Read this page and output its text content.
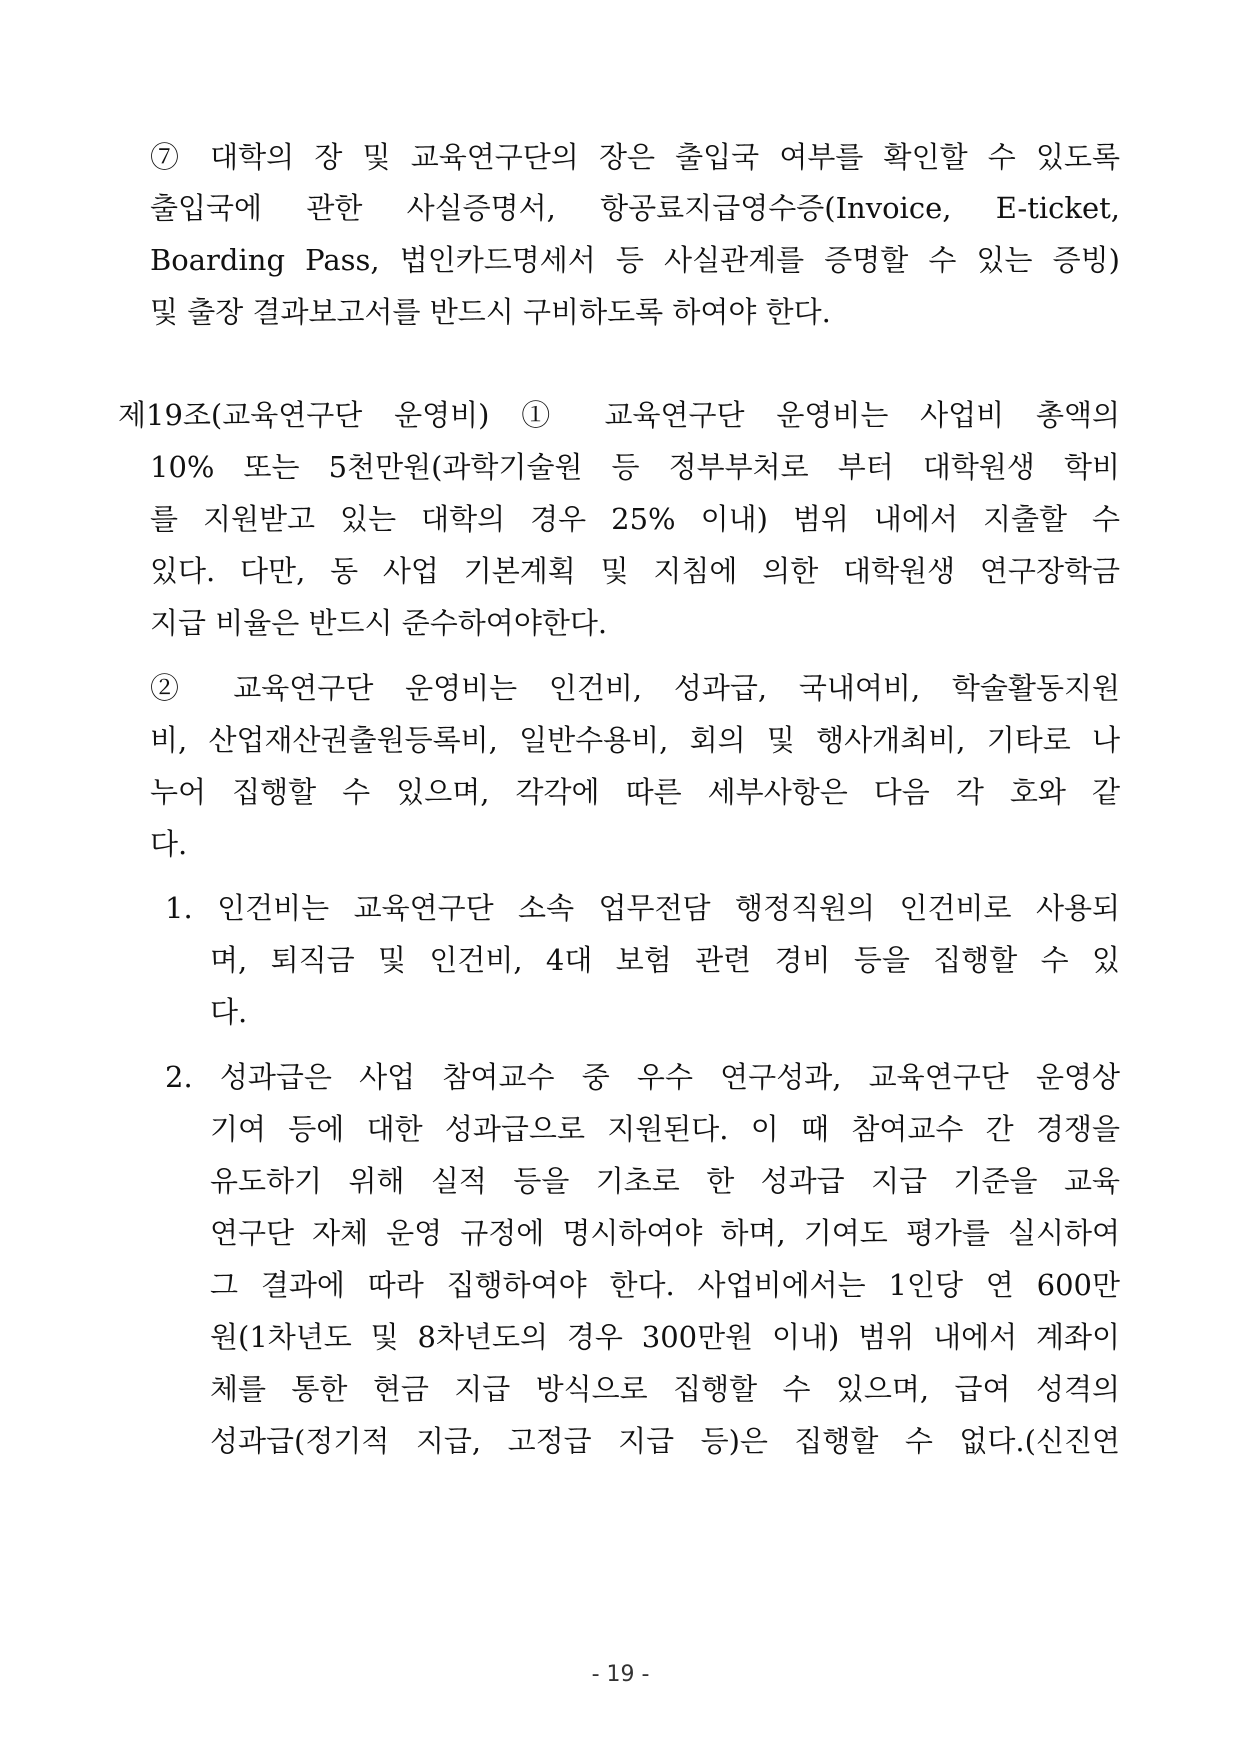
⑦ 대학의 장 및 교육연구단의 장은 출입국 여부를 확인할 수 있도록
출입국에 관한 사실증명서, 항공료지급영수증(Invoice, E-ticket,
Boarding Pass, 법인카드명세서 등 사실관계를 증명할 수 있는 증빙)
및 출장 결과보고서를 반드시 구비하도록 하여야 한다.
제19조(교육연구단 운영비) ① 교육연구단 운영비는 사업비 총액의
10% 또는 5천만원(과학기술원 등 정부부처로 부터 대학원생 학비
를 지원받고 있는 대학의 경우 25% 이내) 범위 내에서 지출할 수
있다. 다만, 동 사업 기본계획 및 지침에 의한 대학원생 연구장학금
지급 비율은 반드시 준수하여야한다.
② 교육연구단 운영비는 인건비, 성과급, 국내여비, 학술활동지원
비, 산업재산권출원등록비, 일반수용비, 회의 및 행사개최비, 기타로 나
누어 집행할 수 있으며, 각각에 따른 세부사항은 다음 각 호와 같
다.
1. 인건비는 교육연구단 소속 업무전담 행정직원의 인건비로 사용되
며, 퇴직금 및 인건비, 4대 보험 관련 경비 등을 집행할 수 있
다.
2. 성과급은 사업 참여교수 중 우수 연구성과, 교육연구단 운영상
기여 등에 대한 성과급으로 지원된다. 이 때 참여교수 간 경쟁을
유도하기 위해 실적 등을 기초로 한 성과급 지급 기준을 교육
연구단 자체 운영 규정에 명시하여야 하며, 기여도 평가를 실시하여
그 결과에 따라 집행하여야 한다. 사업비에서는 1인당 연 600만
원(1차년도 및 8차년도의 경우 300만원 이내) 범위 내에서 계좌이
체를 통한 현금 지급 방식으로 집행할 수 있으며, 급여 성격의
성과급(정기적 지급, 고정급 지급 등)은 집행할 수 없다.(신진연
- 19 -
